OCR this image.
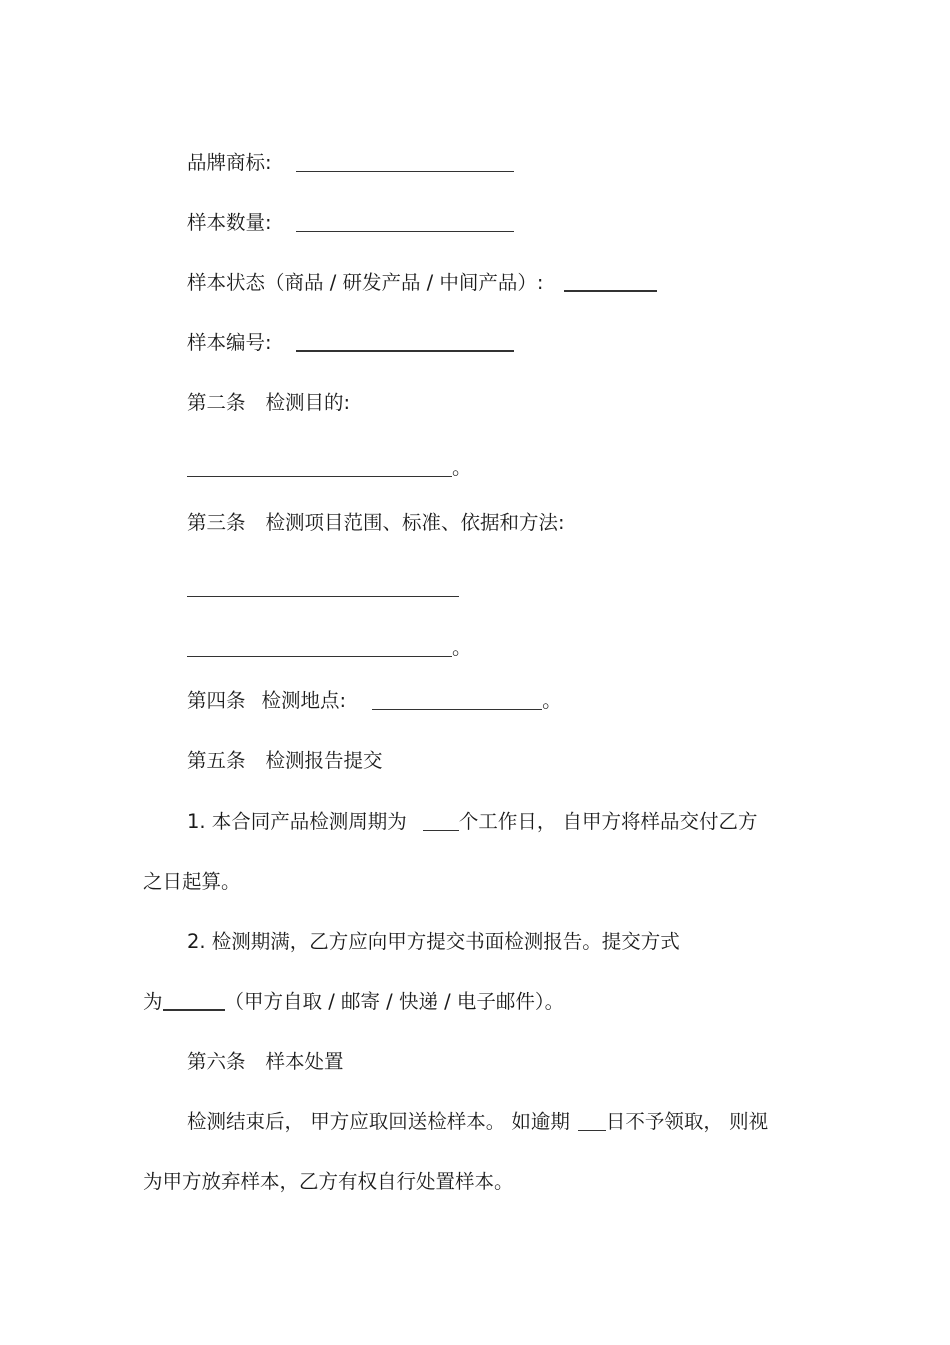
品牌商标:
样本数量:
样本状态（商品 / 研发产品 / 中间产品）:
样本编号:
第二条 检测目的:
。
第三条 检测项目范围、标准、依据和方法:
。
第四条 检测地点:	。
第五条 检测报告提交
1. 本合同产品检测周期为	个工作日， 自甲方将样品交付乙方
之日起算。
2. 检测期满，乙方应向甲方提交书面检测报告。提交方式
为	（甲方自取 / 邮寄 / 快递 / 电子邮件）。
第六条 样本处置
检测结束后， 甲方应取回送检样本。 如逾期 日不予领取， 则视
为甲方放弃样本，乙方有权自行处置样本。
